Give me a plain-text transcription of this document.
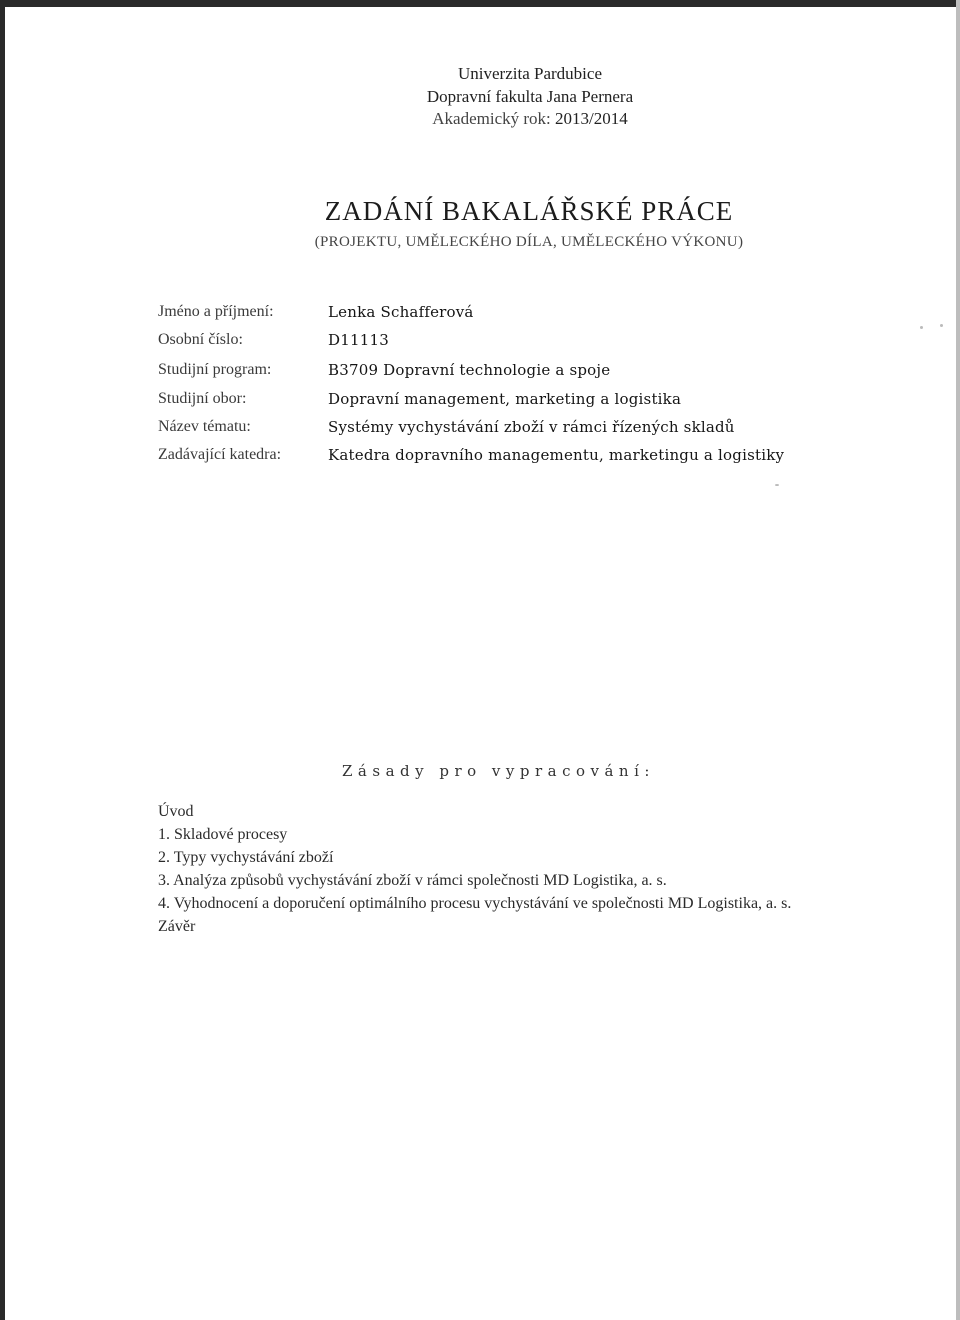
Univerzita Pardubice
Dopravní fakulta Jana Pernera
Akademický rok: 2013/2014
ZADÁNÍ BAKALÁŘSKÉ PRÁCE
(PROJEKTU, UMĚLECKÉHO DÍLA, UMĚLECKÉHO VÝKONU)
Jméno a příjmení:	Lenka Schafferová
Osobní číslo:	D11113
Studijní program:	B3709 Dopravní technologie a spoje
Studijní obor:	Dopravní management, marketing a logistika
Název tématu:	Systémy vychystávání zboží v rámci řízených skladů
Zadávající katedra:	Katedra dopravního managementu, marketingu a logistiky
Zásady pro vypracování:
Úvod
1. Skladové procesy
2. Typy vychystávání zboží
3. Analýza způsobů vychystávání zboží v rámci společnosti MD Logistika, a. s.
4. Vyhodnocení a doporučení optimálního procesu vychystávání ve společnosti MD Logistika, a. s.
Závěr
